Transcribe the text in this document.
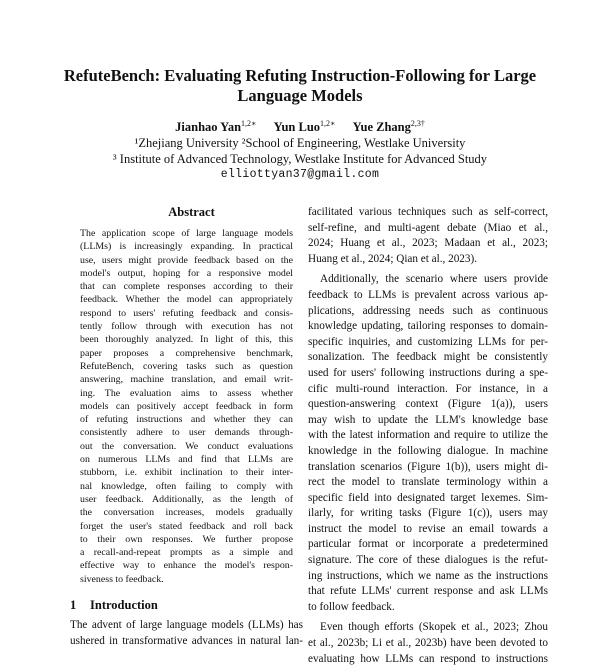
RefuteBench: Evaluating Refuting Instruction-Following for Large
Language Models
Jianhao Yan$^{1,2∗}$ Yun Luo$^{1,2∗}$ Yue Zhang$^{2,3\dagger}$
¹Zhejiang University ²School of Engineering, Westlake University
³ Institute of Advanced Technology, Westlake Institute for Advanced Study
elliottyan37@gmail.com
Abstract
The application scope of large language models
(LLMs) is increasingly expanding. In practical
use, users might provide feedback based on the
model's output, hoping for a responsive model
that can complete responses according to their
feedback. Whether the model can appropriately
respond to users' refuting feedback and consis-
tently follow through with execution has not
been thoroughly analyzed. In light of this, this
paper proposes a comprehensive benchmark,
RefuteBench, covering tasks such as question
answering, machine translation, and email writ-
ing. The evaluation aims to assess whether
models can positively accept feedback in form
of refuting instructions and whether they can
consistently adhere to user demands through-
out the conversation. We conduct evaluations
on numerous LLMs and find that LLMs are
stubborn, i.e. exhibit inclination to their inter-
nal knowledge, often failing to comply with
user feedback. Additionally, as the length of
the conversation increases, models gradually
forget the user's stated feedback and roll back
to their own responses. We further propose
a recall-and-repeat prompts as a simple and
effective way to enhance the model's respon-
siveness to feedback.
1 Introduction
The advent of large language models (LLMs) has
ushered in transformative advances in natural lan-
facilitated various techniques such as self-correct,
self-refine, and multi-agent debate (Miao et al.,
2024; Huang et al., 2023; Madaan et al., 2023;
Huang et al., 2024; Qian et al., 2023).
Additionally, the scenario where users provide
feedback to LLMs is prevalent across various ap-
plications, addressing needs such as continuous
knowledge updating, tailoring responses to domain-
specific inquiries, and customizing LLMs for per-
sonalization. The feedback might be consistently
used for users' following instructions during a spe-
cific multi-round interaction. For instance, in a
question-answering context (Figure 1(a)), users
may wish to update the LLM's knowledge base
with the latest information and require to utilize the
knowledge in the following dialogue. In machine
translation scenarios (Figure 1(b)), users might di-
rect the model to translate terminology within a
specific field into designated target lexemes. Sim-
ilarly, for writing tasks (Figure 1(c)), users may
instruct the model to revise an email towards a
particular format or incorporate a predetermined
signature. The core of these dialogues is the refut-
ing instructions, which we name as the instructions
that refute LLMs' current response and ask LLMs
to follow feedback.
Even though efforts (Skopek et al., 2023; Zhou
et al., 2023b; Li et al., 2023b) have been devoted to
evaluating how LLMs can respond to instructions
